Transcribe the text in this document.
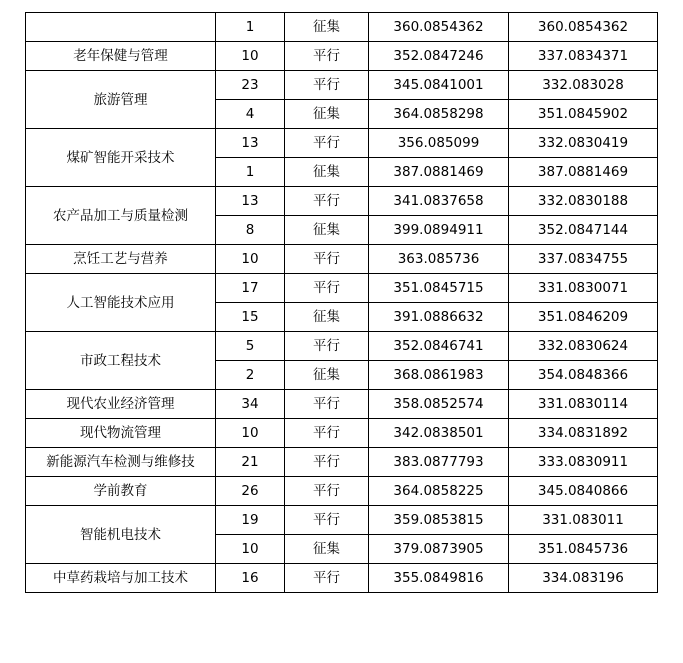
	1	征集	360.0854362	360.0854362
老年保健与管理	10	平行	352.0847246	337.0834371
旅游管理	23	平行	345.0841001	332.083028
	4	征集	364.0858298	351.0845902
煤矿智能开采技术	13	平行	356.085099	332.0830419
	1	征集	387.0881469	387.0881469
农产品加工与质量检测	13	平行	341.0837658	332.0830188
	8	征集	399.0894911	352.0847144
烹饪工艺与营养	10	平行	363.085736	337.0834755
人工智能技术应用	17	平行	351.0845715	331.0830071
	15	征集	391.0886632	351.0846209
市政工程技术	5	平行	352.0846741	332.0830624
	2	征集	368.0861983	354.0848366
现代农业经济管理	34	平行	358.0852574	331.0830114
现代物流管理	10	平行	342.0838501	334.0831892
新能源汽车检测与维修技	21	平行	383.0877793	333.0830911
学前教育	26	平行	364.0858225	345.0840866
智能机电技术	19	平行	359.0853815	331.083011
	10	征集	379.0873905	351.0845736
中草药栽培与加工技术	16	平行	355.0849816	334.083196
